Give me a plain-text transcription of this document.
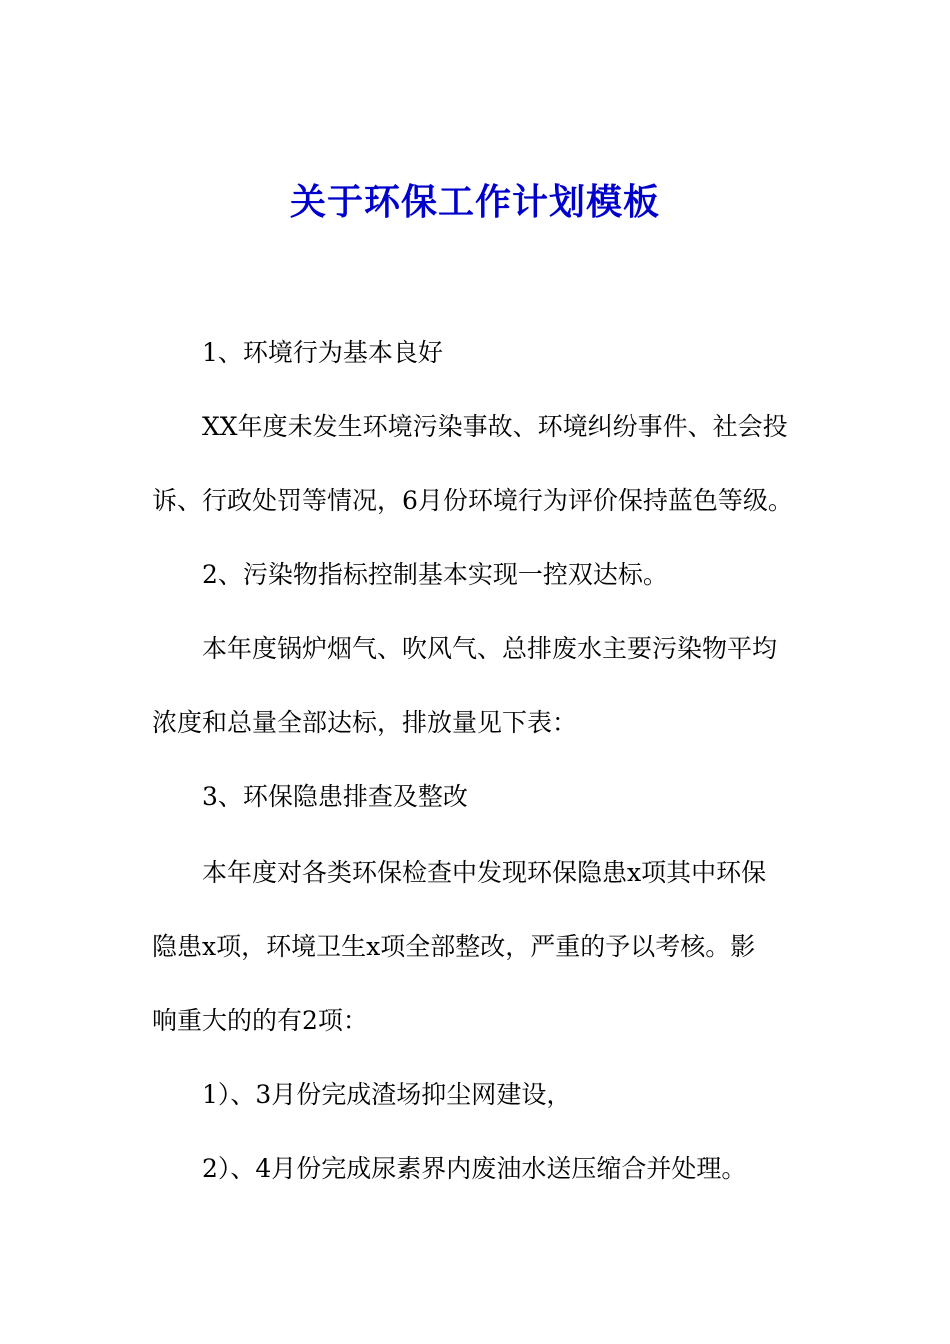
关于环保工作计划模板
1、环境行为基本良好
XX年度未发生环境污染事故、环境纠纷事件、社会投
诉、行政处罚等情况，6月份环境行为评价保持蓝色等级。
2、污染物指标控制基本实现一控双达标。
本年度锅炉烟气、吹风气、总排废水主要污染物平均
浓度和总量全部达标，排放量见下表：
3、环保隐患排查及整改
本年度对各类环保检查中发现环保隐患x项其中环保
隐患x项，环境卫生x项全部整改，严重的予以考核。影
响重大的的有2项：
1）、3月份完成渣场抑尘网建设，
2）、4月份完成尿素界内废油水送压缩合并处理。
